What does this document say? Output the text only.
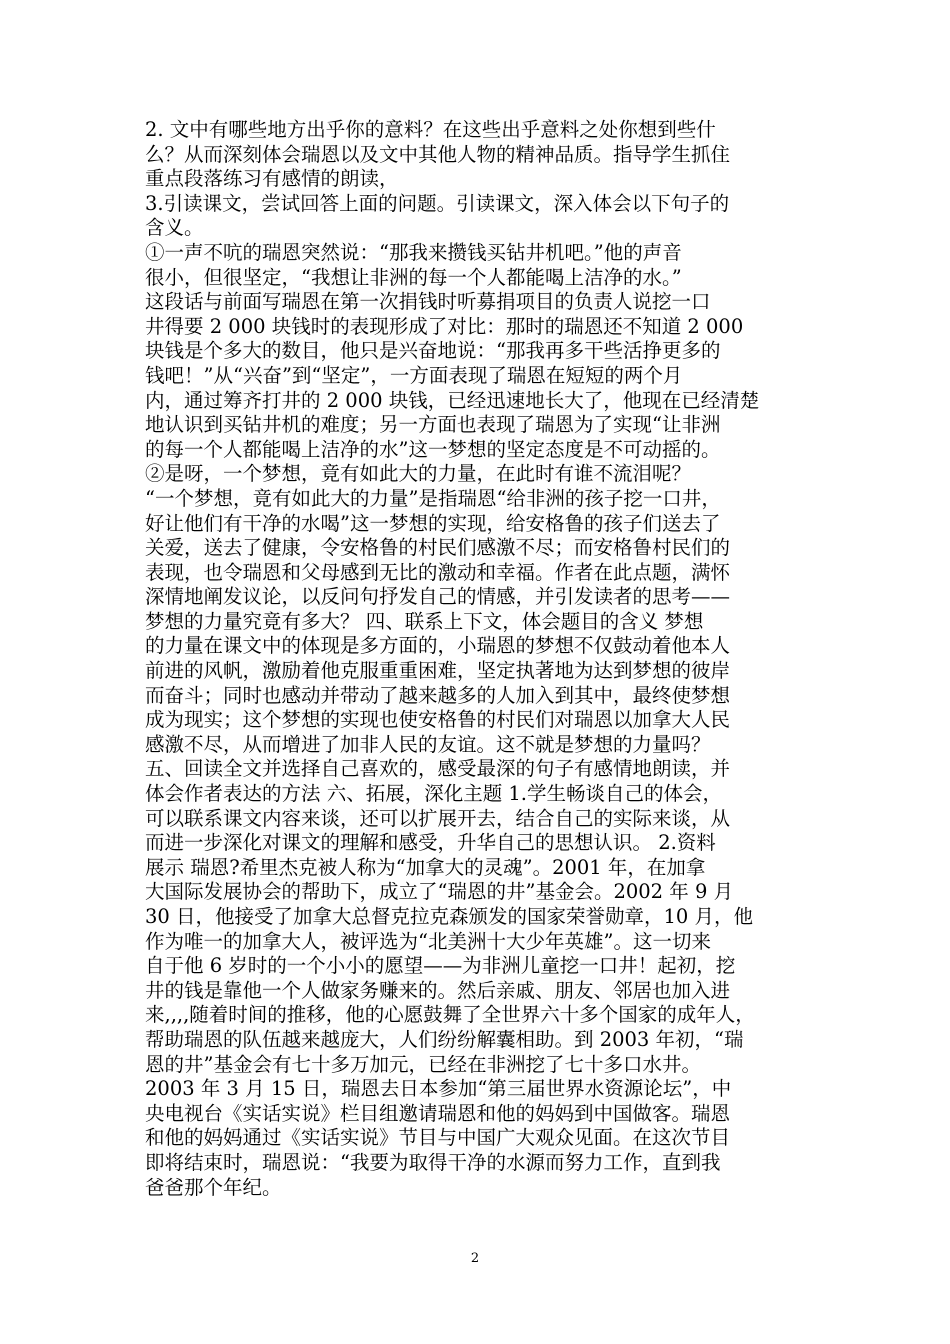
2. 文中有哪些地方出乎你的意料？在这些出乎意料之处你想到些什
么？从而深刻体会瑞恩以及文中其他人物的精神品质。指导学生抓住
重点段落练习有感情的朗读，
3.引读课文，尝试回答上面的问题。引读课文，深入体会以下句子的
含义。
①一声不吭的瑞恩突然说：“那我来攒钱买钻井机吧。”他的声音
很小，但很坚定，“我想让非洲的每一个人都能喝上洁净的水。”
这段话与前面写瑞恩在第一次捐钱时听募捐项目的负责人说挖一口
井得要 2 000 块钱时的表现形成了对比：那时的瑞恩还不知道 2 000
块钱是个多大的数目，他只是兴奋地说：“那我再多干些活挣更多的
钱吧！”从“兴奋”到“坚定”，一方面表现了瑞恩在短短的两个月
内，通过筹齐打井的 2 000 块钱，已经迅速地长大了，他现在已经清楚
地认识到买钻井机的难度；另一方面也表现了瑞恩为了实现“让非洲
的每一个人都能喝上洁净的水”这一梦想的坚定态度是不可动摇的。
②是呀，一个梦想，竟有如此大的力量，在此时有谁不流泪呢？
“一个梦想，竟有如此大的力量”是指瑞恩“给非洲的孩子挖一口井，
好让他们有干净的水喝”这一梦想的实现，给安格鲁的孩子们送去了
关爱，送去了健康，令安格鲁的村民们感激不尽；而安格鲁村民们的
表现，也令瑞恩和父母感到无比的激动和幸福。作者在此点题，满怀
深情地阐发议论，以反问句抒发自己的情感，并引发读者的思考——
梦想的力量究竟有多大？ 四、联系上下文，体会题目的含义 梦想
的力量在课文中的体现是多方面的，小瑞恩的梦想不仅鼓动着他本人
前进的风帆，激励着他克服重重困难，坚定执著地为达到梦想的彼岸
而奋斗；同时也感动并带动了越来越多的人加入到其中，最终使梦想
成为现实；这个梦想的实现也使安格鲁的村民们对瑞恩以加拿大人民
感激不尽，从而增进了加非人民的友谊。这不就是梦想的力量吗？
五、回读全文并选择自己喜欢的，感受最深的句子有感情地朗读，并
体会作者表达的方法 六、拓展，深化主题 1.学生畅谈自己的体会，
可以联系课文内容来谈，还可以扩展开去，结合自己的实际来谈，从
而进一步深化对课文的理解和感受，升华自己的思想认识。 2.资料
展示 瑞恩?希里杰克被人称为“加拿大的灵魂”。2001 年，在加拿
大国际发展协会的帮助下，成立了“瑞恩的井”基金会。2002 年 9 月
30 日，他接受了加拿大总督克拉克森颁发的国家荣誉勋章，10 月，他
作为唯一的加拿大人，被评选为“北美洲十大少年英雄”。这一切来
自于他 6 岁时的一个小小的愿望——为非洲儿童挖一口井！起初，挖
井的钱是靠他一个人做家务赚来的。然后亲戚、朋友、邻居也加入进
来,,,,随着时间的推移，他的心愿鼓舞了全世界六十多个国家的成年人，
帮助瑞恩的队伍越来越庞大，人们纷纷解囊相助。到 2003 年初，“瑞
恩的井”基金会有七十多万加元，已经在非洲挖了七十多口水井。
2003 年 3 月 15 日，瑞恩去日本参加“第三届世界水资源论坛”，中
央电视台《实话实说》栏目组邀请瑞恩和他的妈妈到中国做客。瑞恩
和他的妈妈通过《实话实说》节目与中国广大观众见面。在这次节目
即将结束时，瑞恩说：“我要为取得干净的水源而努力工作，直到我
爸爸那个年纪。
2
